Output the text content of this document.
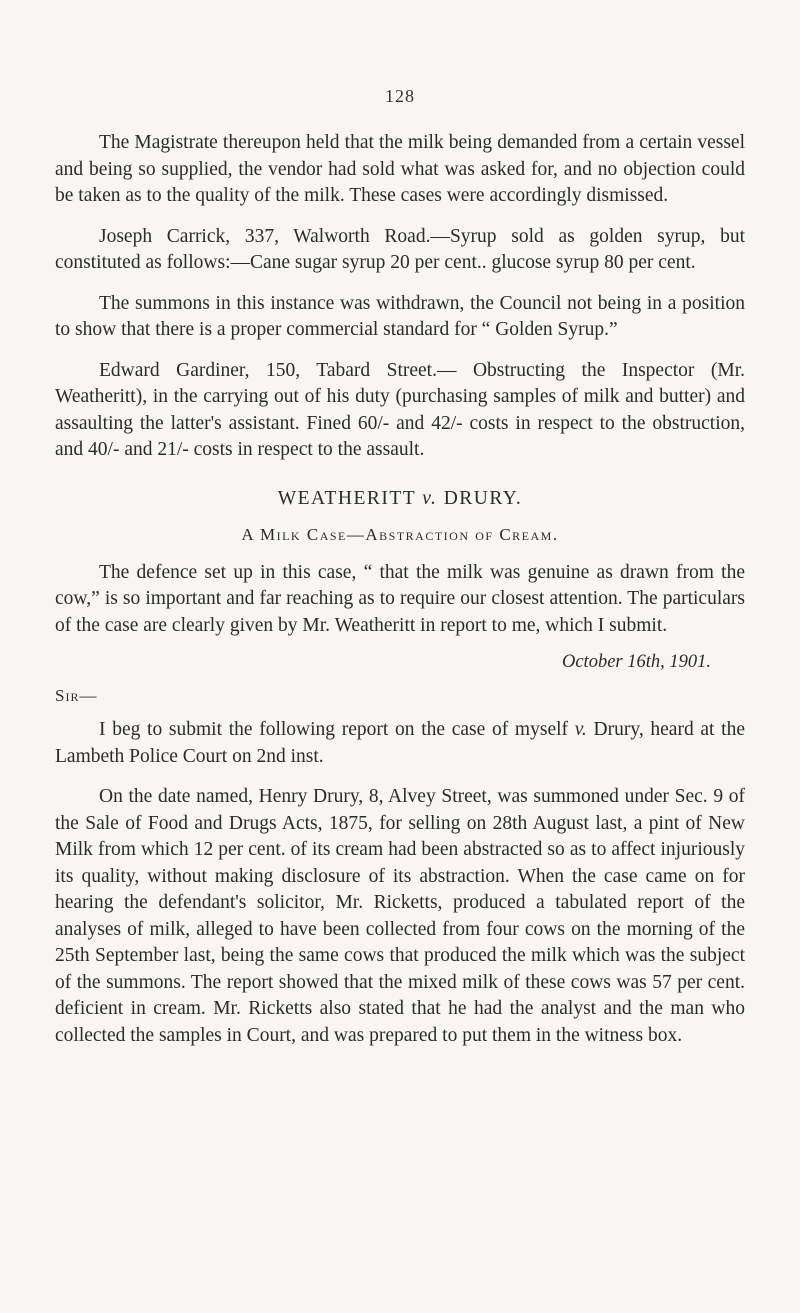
128

The Magistrate thereupon held that the milk being demanded from a certain vessel and being so supplied, the vendor had sold what was asked for, and no objection could be taken as to the quality of the milk. These cases were accordingly dismissed.

Joseph Carrick, 337, Walworth Road.—Syrup sold as golden syrup, but constituted as follows:—Cane sugar syrup 20 per cent.. glucose syrup 80 per cent.

The summons in this instance was withdrawn, the Council not being in a position to show that there is a proper commercial standard for “ Golden Syrup.”

Edward Gardiner, 150, Tabard Street.— Obstructing the Inspector (Mr. Weatheritt), in the carrying out of his duty (purchasing samples of milk and butter) and assaulting the latter's assistant. Fined 60/- and 42/- costs in respect to the obstruction, and 40/- and 21/- costs in respect to the assault.

WEATHERITT v. DRURY.

A Milk Case—Abstraction of Cream.

The defence set up in this case, “ that the milk was genuine as drawn from the cow,” is so important and far reaching as to require our closest attention. The particulars of the case are clearly given by Mr. Weatheritt in report to me, which I submit.

October 16th, 1901.

Sir—

I beg to submit the following report on the case of myself v. Drury, heard at the Lambeth Police Court on 2nd inst.

On the date named, Henry Drury, 8, Alvey Street, was summoned under Sec. 9 of the Sale of Food and Drugs Acts, 1875, for selling on 28th August last, a pint of New Milk from which 12 per cent. of its cream had been abstracted so as to affect injuriously its quality, without making disclosure of its abstraction. When the case came on for hearing the defendant's solicitor, Mr. Ricketts, produced a tabulated report of the analyses of milk, alleged to have been collected from four cows on the morning of the 25th September last, being the same cows that produced the milk which was the subject of the summons. The report showed that the mixed milk of these cows was 57 per cent. deficient in cream. Mr. Ricketts also stated that he had the analyst and the man who collected the samples in Court, and was prepared to put them in the witness box.
